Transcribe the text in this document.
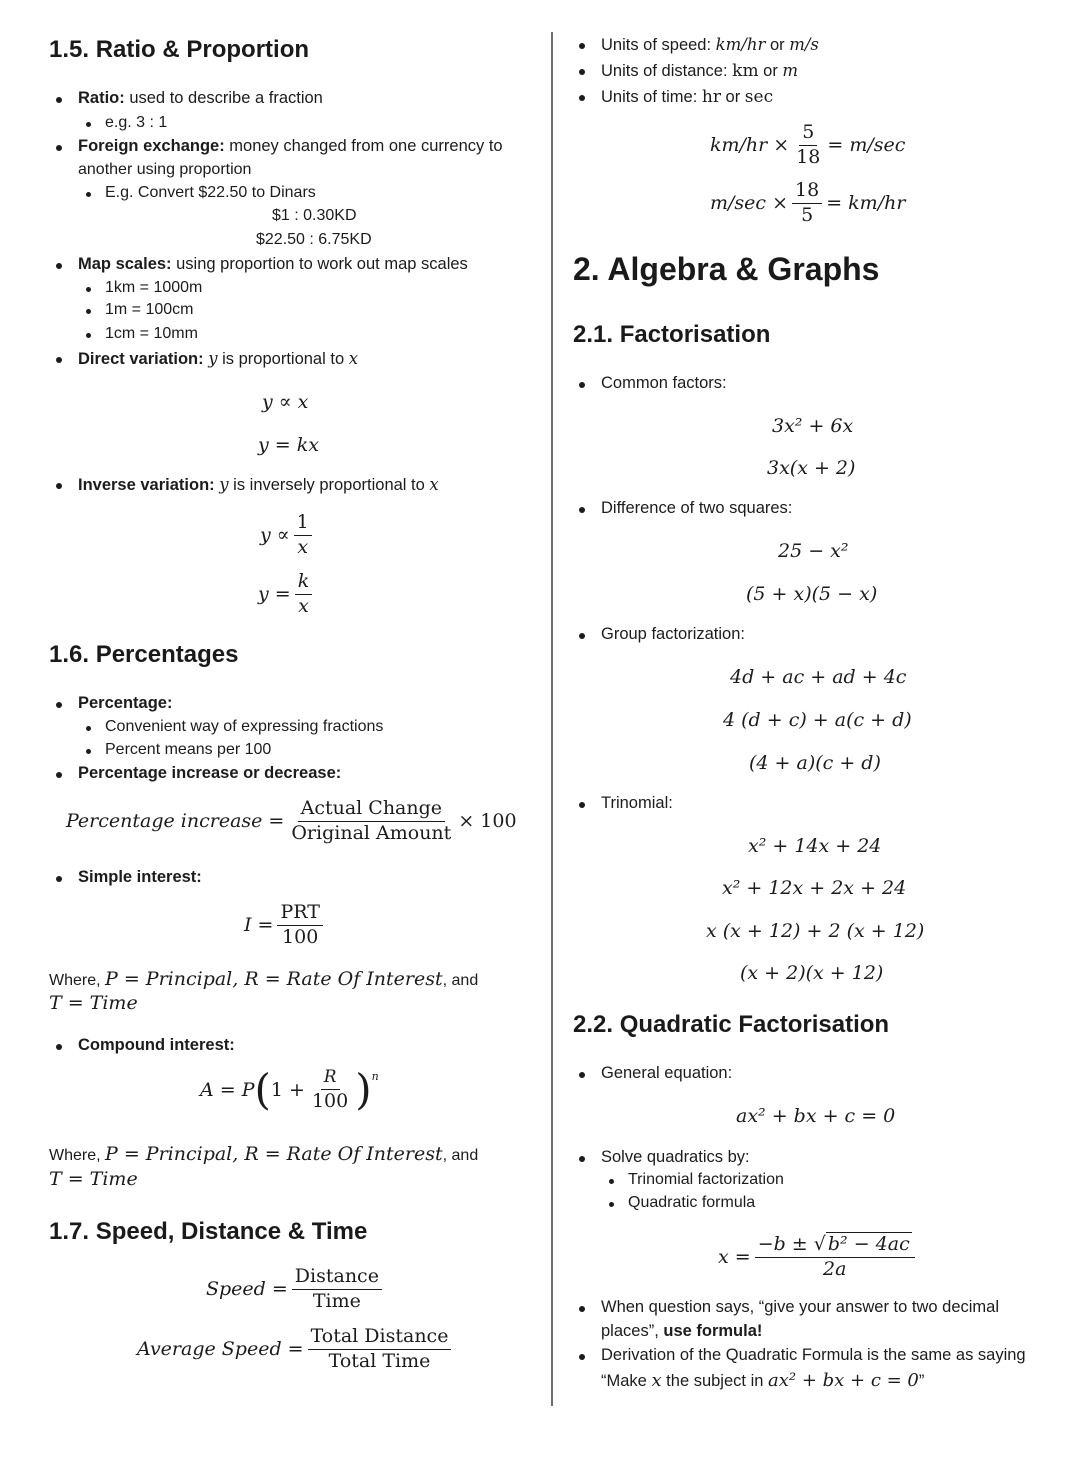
1.5. Ratio & Proportion
Ratio: used to describe a fraction
e.g. 3 : 1
Foreign exchange: money changed from one currency to
another using proportion
E.g. Convert $22.50 to Dinars
$1 : 0.30KD
$22.50 : 6.75KD
Map scales: using proportion to work out map scales
1km = 1000m
1m = 100cm
1cm = 10mm
Direct variation: y is proportional to x
y ∝ x
y = kx
Inverse variation: y is inversely proportional to x
$y \propto \frac{1}{x}$
$y = \frac{k}{x}$
1.6. Percentages
Percentage:
Convenient way of expressing fractions
Percent means per 100
Percentage increase or decrease:
Percentage increase = $\frac{\text{Actual Change}}{\text{Original Amount}} \times 100$
Simple interest:
$I = \frac{\text{PRT}}{100}$
Where, P = Principal, R = Rate Of Interest, and
T = Time
Compound interest:
A = P ( $1 + \frac{R}{100}$ ) n
Where, P = Principal, R = Rate Of Interest, and
T = Time
1.7. Speed, Distance & Time
Speed = $\frac{\text{Distance}}{\text{Time}}$
Average Speed = $\frac{\text{Total Distance}}{\text{Total Time}}$
Units of speed: km/hr or m/s
Units of distance: km or m
Units of time: hr or sec
$km/hr \times \frac{5}{18} = m/\sec$
$m/\sec \times \frac{18}{5} = km/hr$
2. Algebra & Graphs
2.1. Factorisation
Common factors:
3x² + 6x
3x(x + 2)
Difference of two squares:
25 − x²
(5 + x)(5 − x)
Group factorization:
4d + ac + ad + 4c
4 (d + c) + a(c + d)
(4 + a)(c + d)
Trinomial:
x² + 14x + 24
x² + 12x + 2x + 24
x (x + 12) + 2 (x + 12)
(x + 2)(x + 12)
2.2. Quadratic Factorisation
General equation:
ax² + bx + c = 0
Solve quadratics by:
Trinomial factorization
Quadratic formula
$x = \frac{\text{−b ± √ b² − 4ac}}{2a}$
When question says, “give your answer to two decimal
places”, use formula!
Derivation of the Quadratic Formula is the same as saying
“Make x the subject in ax² + bx + c = 0”
